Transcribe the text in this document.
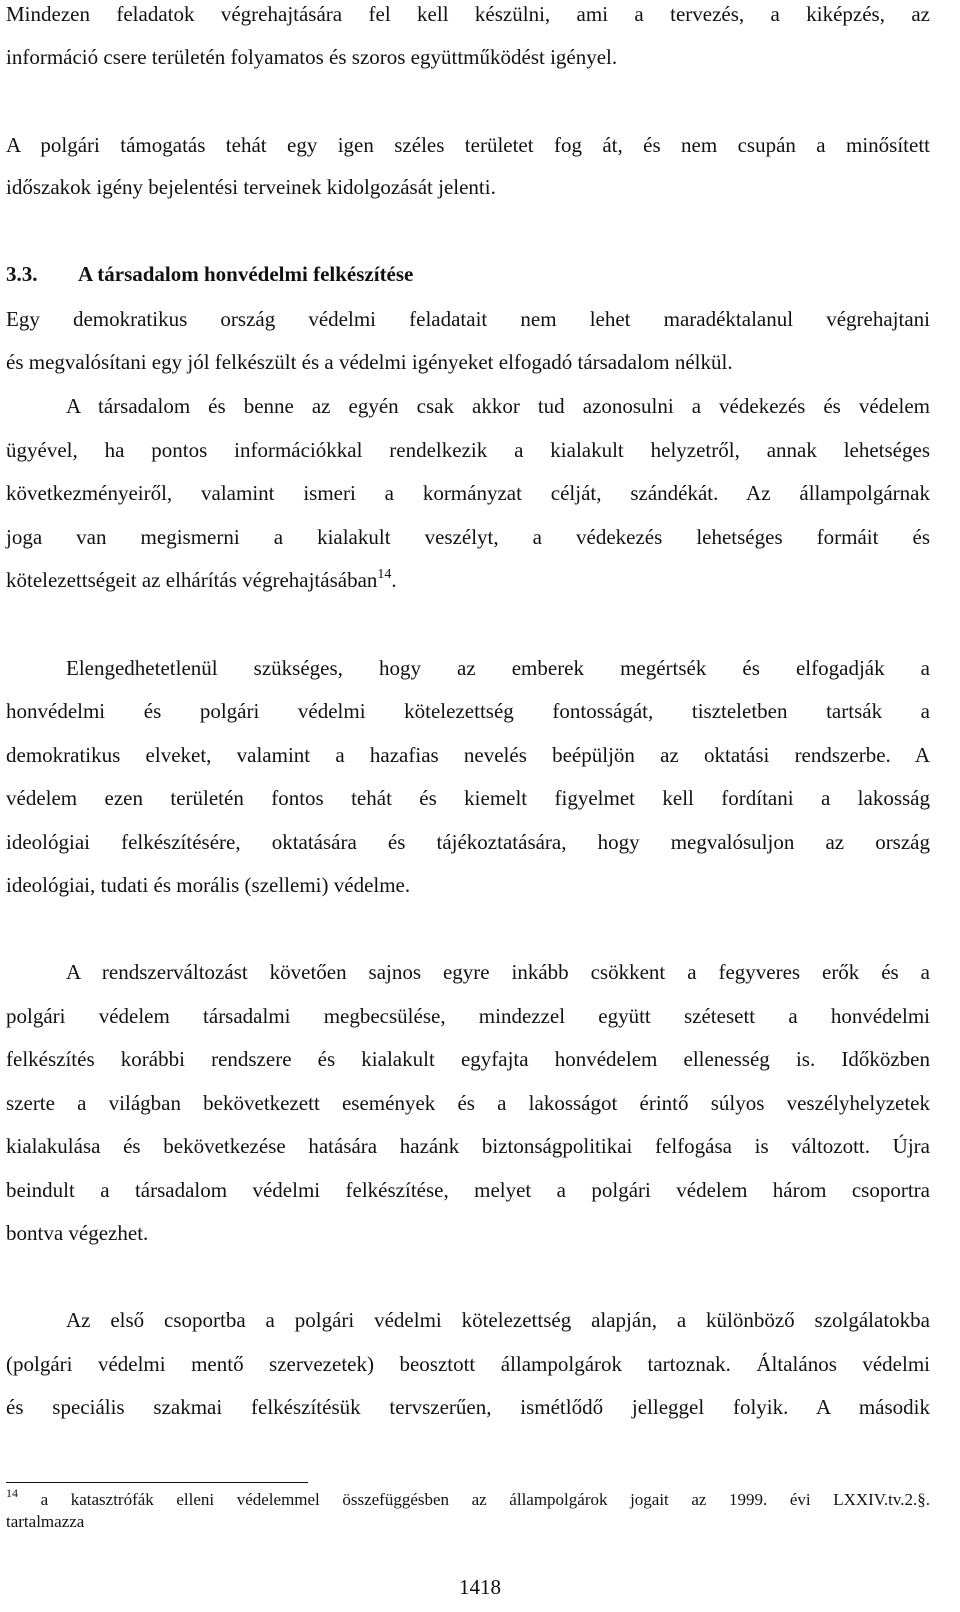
Mindezen feladatok végrehajtására fel kell készülni, ami a tervezés, a kiképzés, az
információ csere területén folyamatos és szoros együttműködést igényel.
A polgári támogatás tehát egy igen széles területet fog át, és nem csupán a minősített
időszakok igény bejelentési terveinek kidolgozását jelenti.
3.3. A társadalom honvédelmi felkészítése
Egy demokratikus ország védelmi feladatait nem lehet maradéktalanul végrehajtani
és megvalósítani egy jól felkészült és a védelmi igényeket elfogadó társadalom nélkül.
A társadalom és benne az egyén csak akkor tud azonosulni a védekezés és védelem
ügyével, ha pontos információkkal rendelkezik a kialakult helyzetről, annak lehetséges
következményeiről, valamint ismeri a kormányzat célját, szándékát. Az állampolgárnak
joga van megismerni a kialakult veszélyt, a védekezés lehetséges formáit és
kötelezettségeit az elhárítás végrehajtásában$^{14}$.
Elengedhetetlenül szükséges, hogy az emberek megértsék és elfogadják a
honvédelmi és polgári védelmi kötelezettség fontosságát, tiszteletben tartsák a
demokratikus elveket, valamint a hazafias nevelés beépüljön az oktatási rendszerbe. A
védelem ezen területén fontos tehát és kiemelt figyelmet kell fordítani a lakosság
ideológiai felkészítésére, oktatására és tájékoztatására, hogy megvalósuljon az ország
ideológiai, tudati és morális (szellemi) védelme.
A rendszerváltozást követően sajnos egyre inkább csökkent a fegyveres erők és a
polgári védelem társadalmi megbecsülése, mindezzel együtt szétesett a honvédelmi
felkészítés korábbi rendszere és kialakult egyfajta honvédelem ellenesség is. Időközben
szerte a világban bekövetkezett események és a lakosságot érintő súlyos veszélyhelyzetek
kialakulása és bekövetkezése hatására hazánk biztonságpolitikai felfogása is változott. Újra
beindult a társadalom védelmi felkészítése, melyet a polgári védelem három csoportra
bontva végezhet.
Az első csoportba a polgári védelmi kötelezettség alapján, a különböző szolgálatokba
(polgári védelmi mentő szervezetek) beosztott állampolgárok tartoznak. Általános védelmi
és speciális szakmai felkészítésük tervszerűen, ismétlődő jelleggel folyik. A második
$^{14}$ a katasztrófák elleni védelemmel összefüggésben az állampolgárok jogait az 1999. évi LXXIV.tv.2.§.
tartalmazza
1418
